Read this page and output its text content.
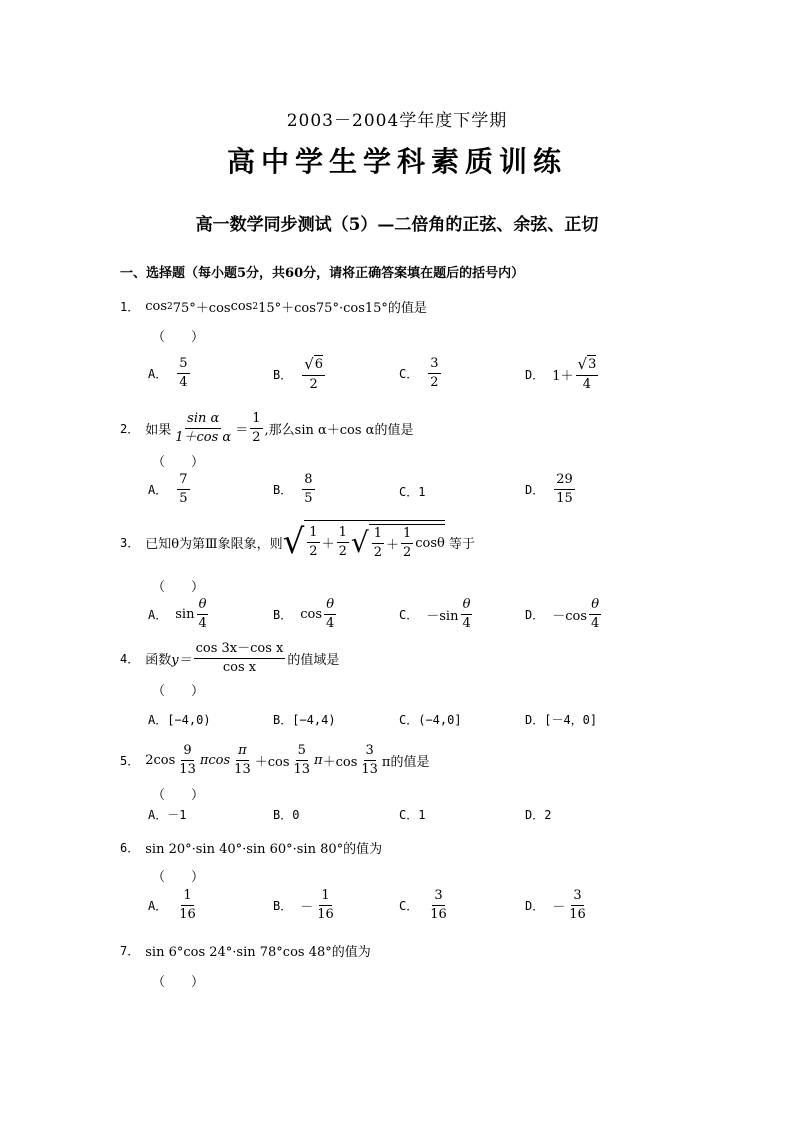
2003－2004学年度下学期
高中学生学科素质训练
高一数学同步测试（5）—二倍角的正弦、余弦、正切
一、选择题（每小题5分，共60分，请将正确答案填在题后的括号内）
1． cos 2 75°＋cos cos 2 15°＋cos75°·cos15°的值是
（　　）
A． $\frac{5}{4}$	B． $\frac{√ 6}{2}$	C． $\frac{3}{2}$	D． $1+ \frac{√ 3}{4}$
2． 如果 $\frac{\text{sin α}}{\text{1＋cos α}} = \frac{1}{2}$ ,那么sin α＋cos α的值是
（　　）
A． $\frac{7}{5}$	B． $\frac{8}{5}$	C．1	D． $\frac{29}{15}$
3． 已知θ为第Ⅲ象限象，则 √ $\frac{1}{2} + \frac{1}{2}$ √ $\frac{1}{2} + \frac{1}{2}$ cosθ 等于
（　　）
A． $\sin \frac{\theta}{4}$	B． $\cos \frac{\theta}{4}$	C． $-\sin \frac{\theta}{4}$	D． $-\cos \frac{\theta}{4}$
4． 函数 $y= \frac{\text{cos 3x－cos x}}{\text{cos x}}$ 的值域是
（　　）
A．[−4,0)	B．[−4,4)	C．(−4,0]	D．[－4，0]
5． $2\cos \frac{9}{13}$ πcos $\frac{\pi}{13} +\cos \frac{5}{13}$ $\pi +\cos \frac{3}{13}$ π的值是
（　　）
A．－1	B．0	C．1	D．2
6． sin 20°·sin 40°·sin 60°·sin 80°的值为
（　　）
A． $\frac{1}{16}$	B． － $\frac{1}{16}$	C． $\frac{3}{16}$	D． － $\frac{3}{16}$
7． sin 6°cos 24°·sin 78°cos 48°的值为
（　　）
